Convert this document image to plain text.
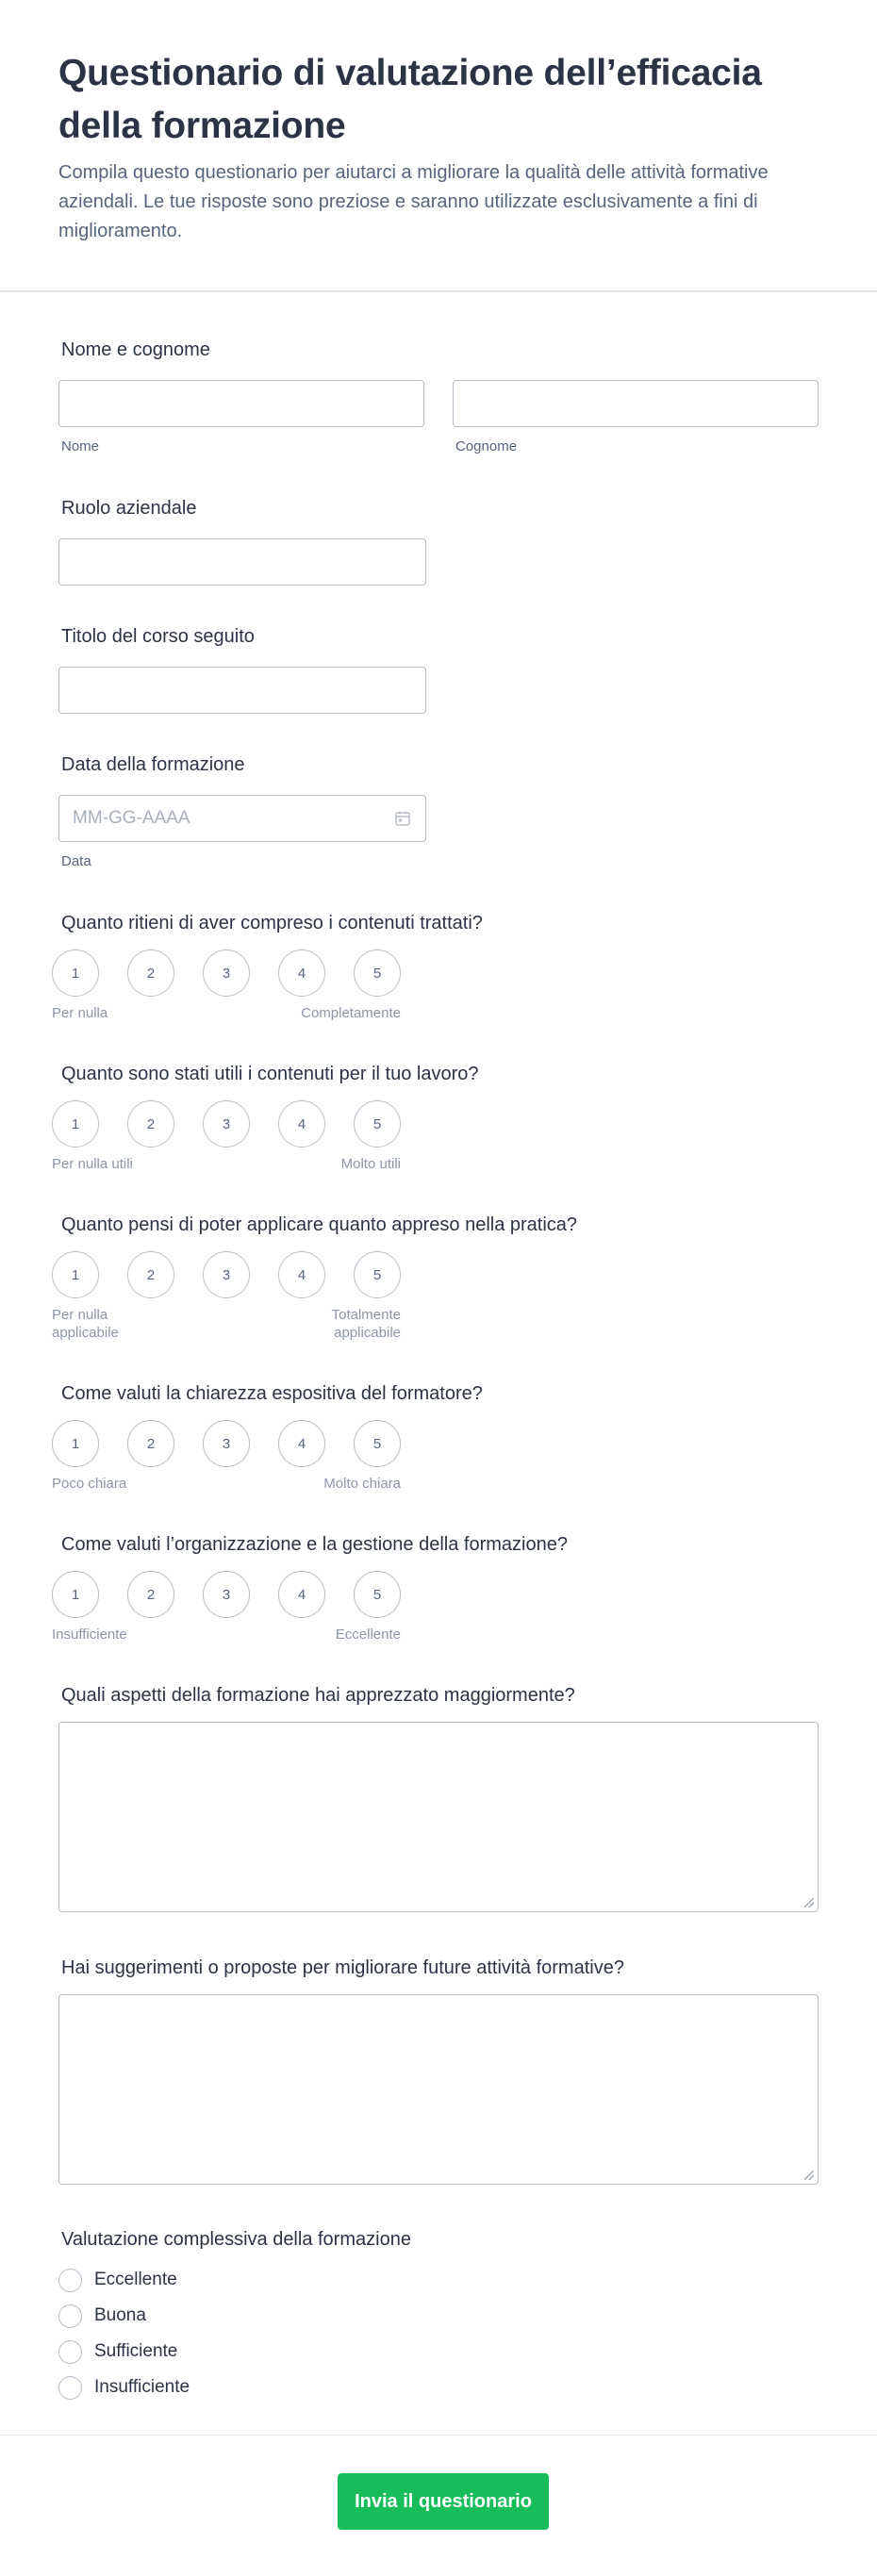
Questionario di valutazione dell’efficacia della formazione

Compila questo questionario per aiutarci a migliorare la qualità delle attività formative aziendali. Le tue risposte sono preziose e saranno utilizzate esclusivamente a fini di miglioramento.

Nome e cognome
Nome	Cognome
Ruolo aziendale
Titolo del corso seguito
Data della formazione
MM-GG-AAAA
Data
Quanto ritieni di aver compreso i contenuti trattati?
1	2	3	4	5
Per nulla	Completamente
Quanto sono stati utili i contenuti per il tuo lavoro?
1	2	3	4	5
Per nulla utili	Molto utili
Quanto pensi di poter applicare quanto appreso nella pratica?
1	2	3	4	5
Per nulla applicabile
Totalmente applicabile
Come valuti la chiarezza espositiva del formatore?
1	2	3	4	5
Poco chiara	Molto chiara
Come valuti l’organizzazione e la gestione della formazione?
1	2	3	4	5
Insufficiente	Eccellente
Quali aspetti della formazione hai apprezzato maggiormente?
Hai suggerimenti o proposte per migliorare future attività formative?
Valutazione complessiva della formazione
Eccellente
Buona
Sufficiente
Insufficiente
Invia il questionario
